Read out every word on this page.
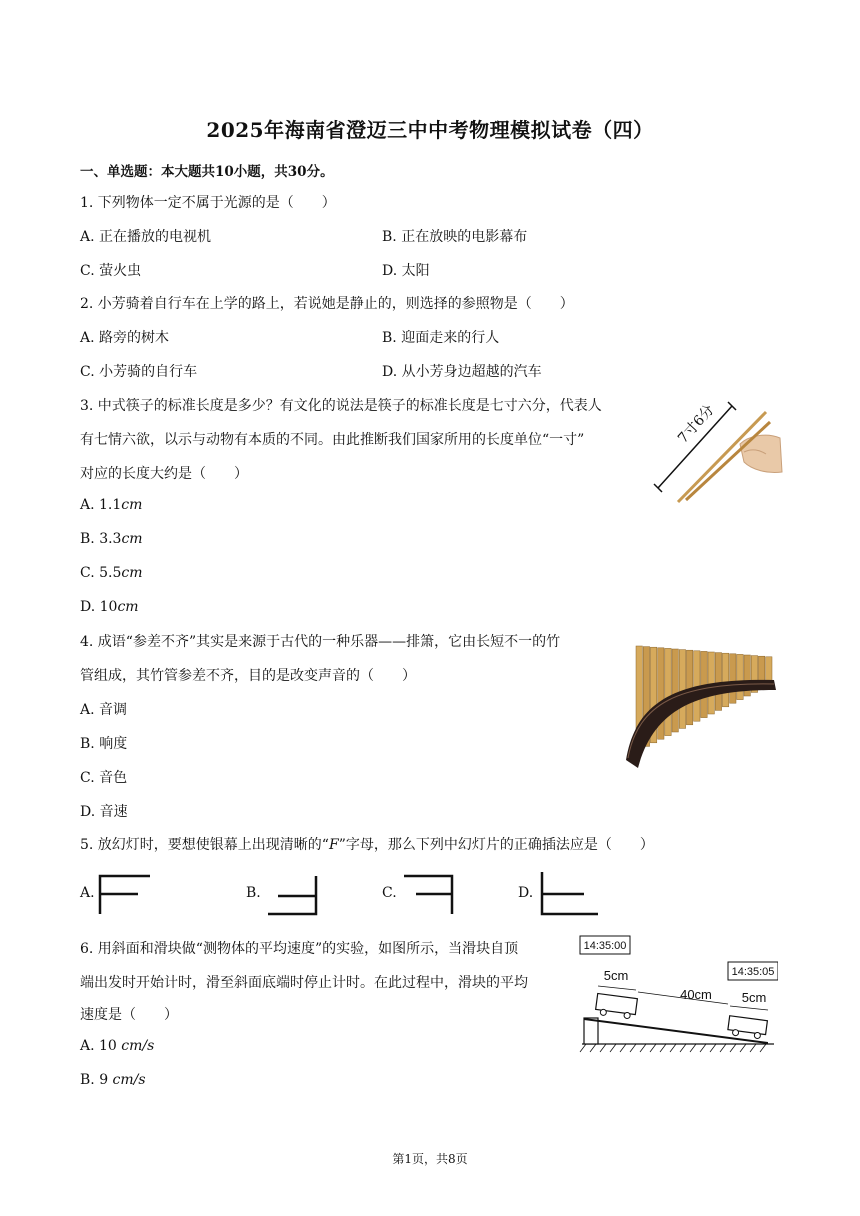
2025年海南省澄迈三中中考物理模拟试卷（四）
一、单选题：本大题共10小题，共30分。
1. 下列物体一定不属于光源的是（　　）
A. 正在播放的电视机	B. 正在放映的电影幕布
C. 萤火虫	D. 太阳
2. 小芳骑着自行车在上学的路上，若说她是静止的，则选择的参照物是（　　）
A. 路旁的树木	B. 迎面走来的行人
C. 小芳骑的自行车	D. 从小芳身边超越的汽车
3. 中式筷子的标准长度是多少？有文化的说法是筷子的标准长度是七寸六分，代表人
有七情六欲，以示与动物有本质的不同。由此推断我们国家所用的长度单位“一寸”
对应的长度大约是（　　）
A. 1.1cm
B. 3.3cm
C. 5.5cm
D. 10cm
7寸6分
4. 成语“参差不齐”其实是来源于古代的一种乐器——排箫，它由长短不一的竹
管组成，其竹管参差不齐，目的是改变声音的（　　）
A. 音调
B. 响度
C. 音色
D. 音速
5. 放幻灯时，要想使银幕上出现清晰的“F”字母，那么下列中幻灯片的正确插法应是（　　）
A.	B.	C.	D.
6. 用斜面和滑块做“测物体的平均速度”的实验，如图所示，当滑块自顶
端出发时开始计时，滑至斜面底端时停止计时。在此过程中，滑块的平均
速度是（　　）
A. 10 cm/s
B. 9 cm/s
14:35:00
14:35:05
5cm
40cm 5cm
第1页，共8页
